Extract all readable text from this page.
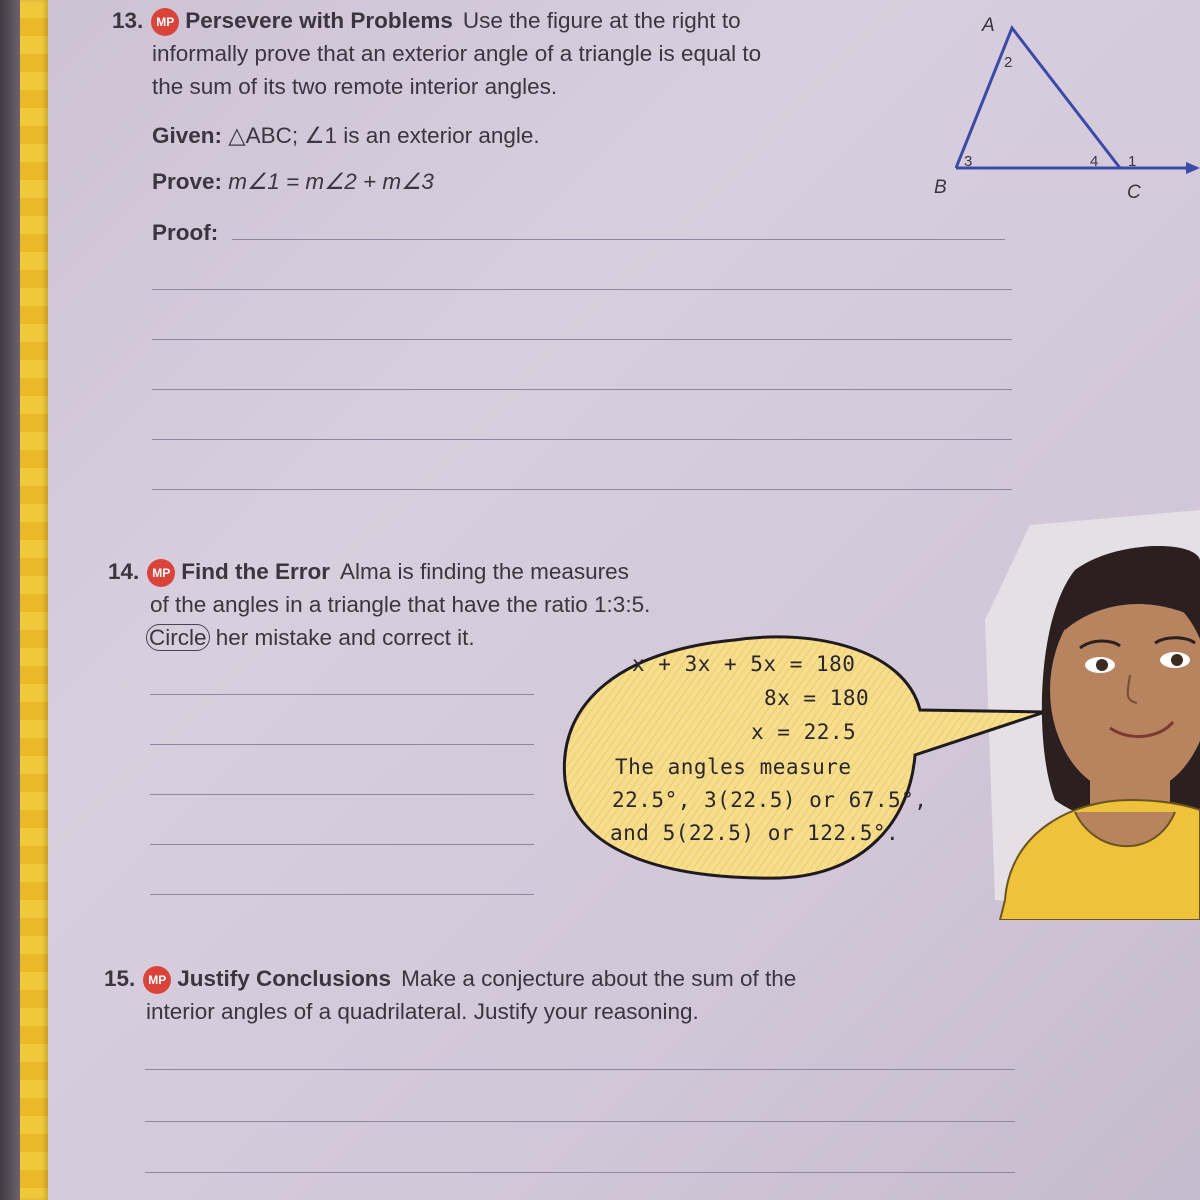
13. MP Persevere with Problems Use the figure at the right to
informally prove that an exterior angle of a triangle is equal to
the sum of its two remote interior angles.
Given: △ABC; ∠1 is an exterior angle.
Prove: m∠1 = m∠2 + m∠3
Proof:
A
B	C
2
3	4 1
14. MP Find the Error Alma is finding the measures
of the angles in a triangle that have the ratio 1:3:5.
Circle her mistake and correct it.
x + 3x + 5x = 180
8x = 180
x = 22.5
The angles measure
22.5°, 3(22.5) or 67.5°,
and 5(22.5) or 122.5°.
15. MP Justify Conclusions Make a conjecture about the sum of the
interior angles of a quadrilateral. Justify your reasoning.
